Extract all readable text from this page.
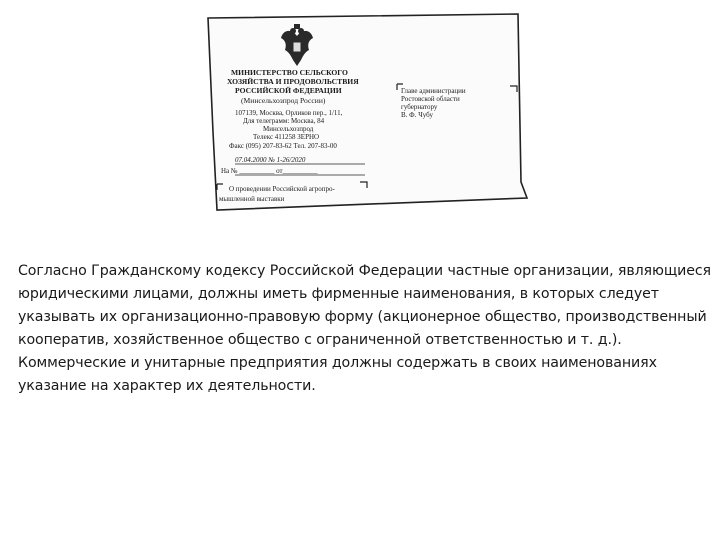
МИНИСТЕРСТВО СЕЛЬСКОГО
ХОЗЯЙСТВА И ПРОДОВОЛЬСТВИЯ
РОССИЙСКОЙ ФЕДЕРАЦИИ
(Минсельхозпрод России)
107139, Москва, Орликов пер., 1/11,
Для телеграмм: Москва, 84
Минсельхозпрод
Телекс 411258 ЗЕРНО
Факс (095) 207-83-62 Тел. 207-83-00
07.04.2000 № 1-26/2020
На № __________ от__________
О проведении Российской агропро-
мышленной выставки
Главе администрации
Ростовской области
губернатору
В. Ф. Чубу

Согласно Гражданскому кодексу Российской Федерации частные организации, являющиеся юридическими лицами, должны иметь фирменные наименования, в которых следует указывать их организационно-правовую форму (акционерное общество, производственный кооператив, хозяйственное общество с ограниченной ответственностью и т. д.). Коммерческие и унитарные предприятия должны содержать в своих наименованиях указание на характер их деятельности.
